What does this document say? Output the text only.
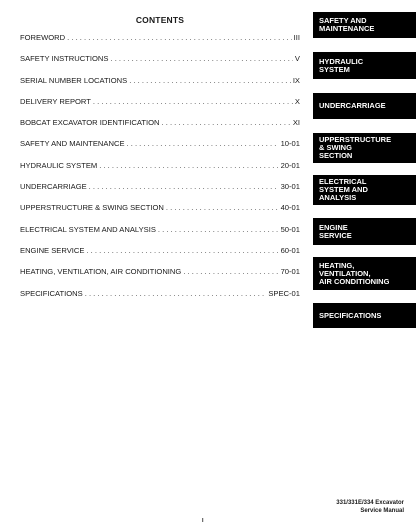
CONTENTS
FOREWORD . . .	III
SAFETY INSTRUCTIONS . . .	V
SERIAL NUMBER LOCATIONS . . .	IX
DELIVERY REPORT . . .	X
BOBCAT EXCAVATOR IDENTIFICATION . . .	XI
SAFETY AND MAINTENANCE . . .	10-01
HYDRAULIC SYSTEM . . .	20-01
UNDERCARRIAGE . . .	30-01
UPPERSTRUCTURE & SWING SECTION . . .	40-01
ELECTRICAL SYSTEM AND ANALYSIS . . .	50-01
ENGINE SERVICE . . .	60-01
HEATING, VENTILATION, AIR CONDITIONING . . .	70-01
SPECIFICATIONS . . .	SPEC-01
SAFETY AND
MAINTENANCE
HYDRAULIC
SYSTEM
UNDERCARRIAGE
UPPERSTRUCTURE
& SWING
SECTION
ELECTRICAL
SYSTEM AND
ANALYSIS
ENGINE
SERVICE
HEATING,
VENTILATION,
AIR CONDITIONING
SPECIFICATIONS
331/331E/334 Excavator
Service Manual
I
